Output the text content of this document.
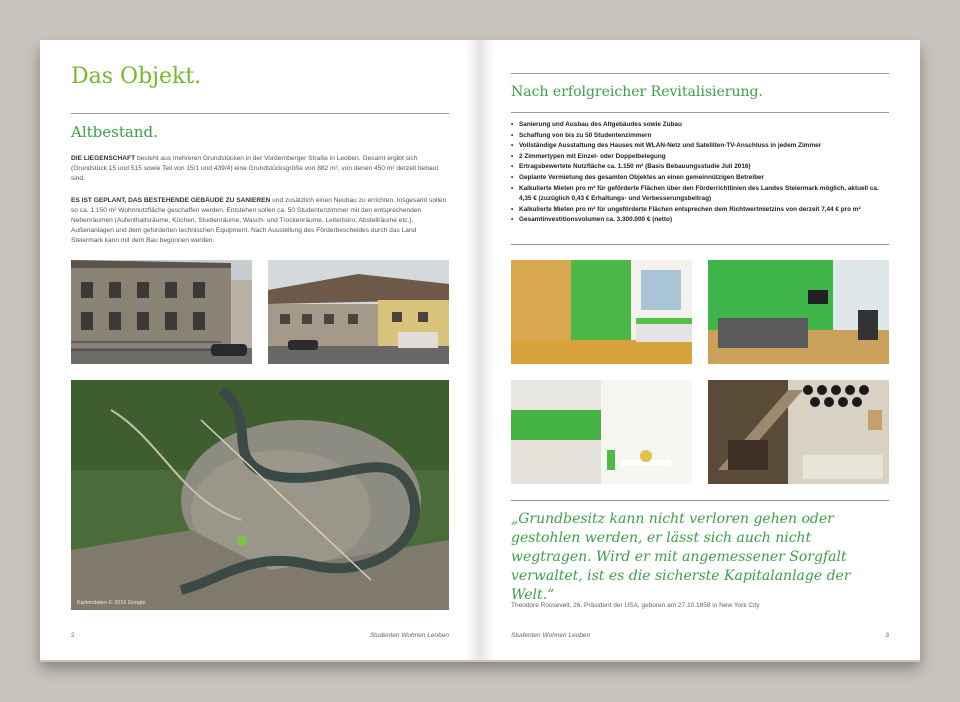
Das Objekt.
Altbestand.
DIE LIEGENSCHAFT besteht aus mehreren Grundstücken in der Vordernberger Straße in Leoben. Gesamt ergibt sich (Grundstück 15 und 515 sowie Teil von 15/1 und 439/4) eine Grundstücksgröße von 882 m², von denen 450 m² derzeit bebaut sind.
ES IST GEPLANT, DAS BESTEHENDE GEBÄUDE ZU SANIEREN und zusätzlich einen Neubau zu errichten. Insgesamt sollen so ca. 1.150 m² Wohnnutzfläche geschaffen werden. Entstehen sollen ca. 50 Studentenzimmer mit den entsprechenden Nebenräumen (Aufenthaltsräume, Küchen, Studienräume, Wasch- und Trockenräume, Leiterbüro, Abstellräume etc.), Außenanlagen und dem geforderten technischen Equipment. Nach Ausstellung des Förderbescheides durch das Land Steiermark kann mit dem Bau begonnen werden.
Kartendaten © 2016 Google
2	Studenten Wohnen Leoben
Nach erfolgreicher Revitalisierung.
• Sanierung und Ausbau des Altgebäudes sowie Zubau
• Schaffung von bis zu 50 Studentenzimmern
• Vollständige Ausstattung des Hauses mit WLAN-Netz und Satelliten-TV-Anschluss in jedem Zimmer
• 2 Zimmertypen mit Einzel- oder Doppelbelegung
• Ertragsbewertete Nutzfläche ca. 1.150 m² (Basis Bebauungsstudie Juli 2016)
• Geplante Vermietung des gesamten Objektes an einen gemeinnützigen Betreiber
• Kalkulierte Mieten pro m² für geförderte Flächen über den Förderrichtlinien des Landes Steiermark möglich, aktuell ca. 4,35 € (zuzüglich 0,43 € Erhaltungs- und Verbesserungsbeitrag)
• Kalkulierte Mieten pro m² für ungeförderte Flächen entsprechen dem Richtwertmietzins von derzeit 7,44 € pro m²
• Gesamtinvestitionsvolumen ca. 3.300.000 € (netto)
„Grundbesitz kann nicht verloren gehen oder gestohlen werden, er lässt sich auch nicht wegtragen. Wird er mit angemessener Sorgfalt verwaltet, ist es die sicherste Kapitalanlage der Welt.“
Theodore Roosevelt, 26. Präsident der USA, geboren am 27.10.1858 in New York City
Studenten Wohnen Leoben	3
